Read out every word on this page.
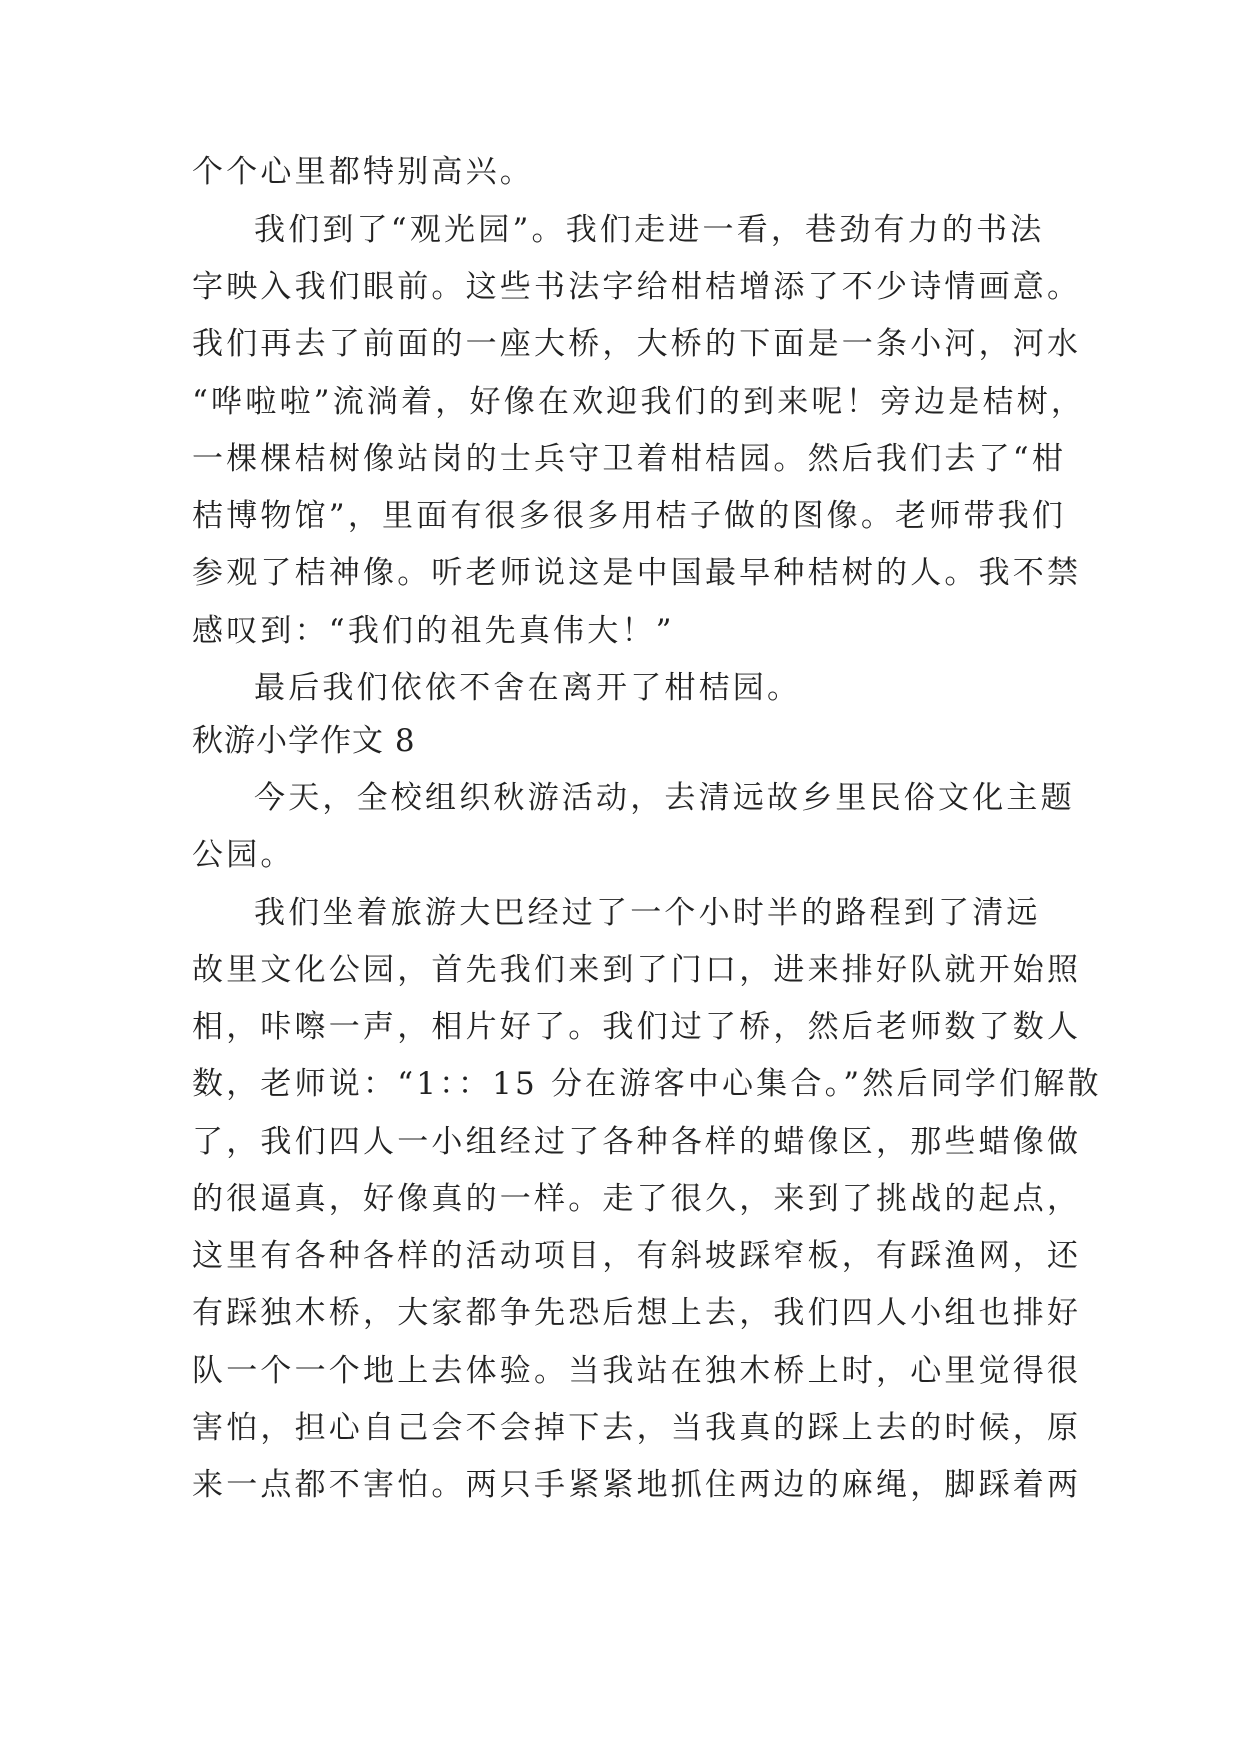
个个心里都特别高兴。
我们到了“观光园”。我们走进一看，巷劲有力的书法
字映入我们眼前。这些书法字给柑桔增添了不少诗情画意。
我们再去了前面的一座大桥，大桥的下面是一条小河，河水
“哗啦啦”流淌着，好像在欢迎我们的到来呢！旁边是桔树，
一棵棵桔树像站岗的士兵守卫着柑桔园。然后我们去了“柑
桔博物馆”，里面有很多很多用桔子做的图像。老师带我们
参观了桔神像。听老师说这是中国最早种桔树的人。我不禁
感叹到：“我们的祖先真伟大！”
最后我们依依不舍在离开了柑桔园。
秋游小学作文 8
今天，全校组织秋游活动，去清远故乡里民俗文化主题
公园。
我们坐着旅游大巴经过了一个小时半的路程到了清远
故里文化公园，首先我们来到了门口，进来排好队就开始照
相，咔嚓一声，相片好了。我们过了桥，然后老师数了数人
数，老师说：“1：：15 分在游客中心集合。”然后同学们解散
了，我们四人一小组经过了各种各样的蜡像区，那些蜡像做
的很逼真，好像真的一样。走了很久，来到了挑战的起点，
这里有各种各样的活动项目，有斜坡踩窄板，有踩渔网，还
有踩独木桥，大家都争先恐后想上去，我们四人小组也排好
队一个一个地上去体验。当我站在独木桥上时，心里觉得很
害怕，担心自己会不会掉下去，当我真的踩上去的时候，原
来一点都不害怕。两只手紧紧地抓住两边的麻绳，脚踩着两
